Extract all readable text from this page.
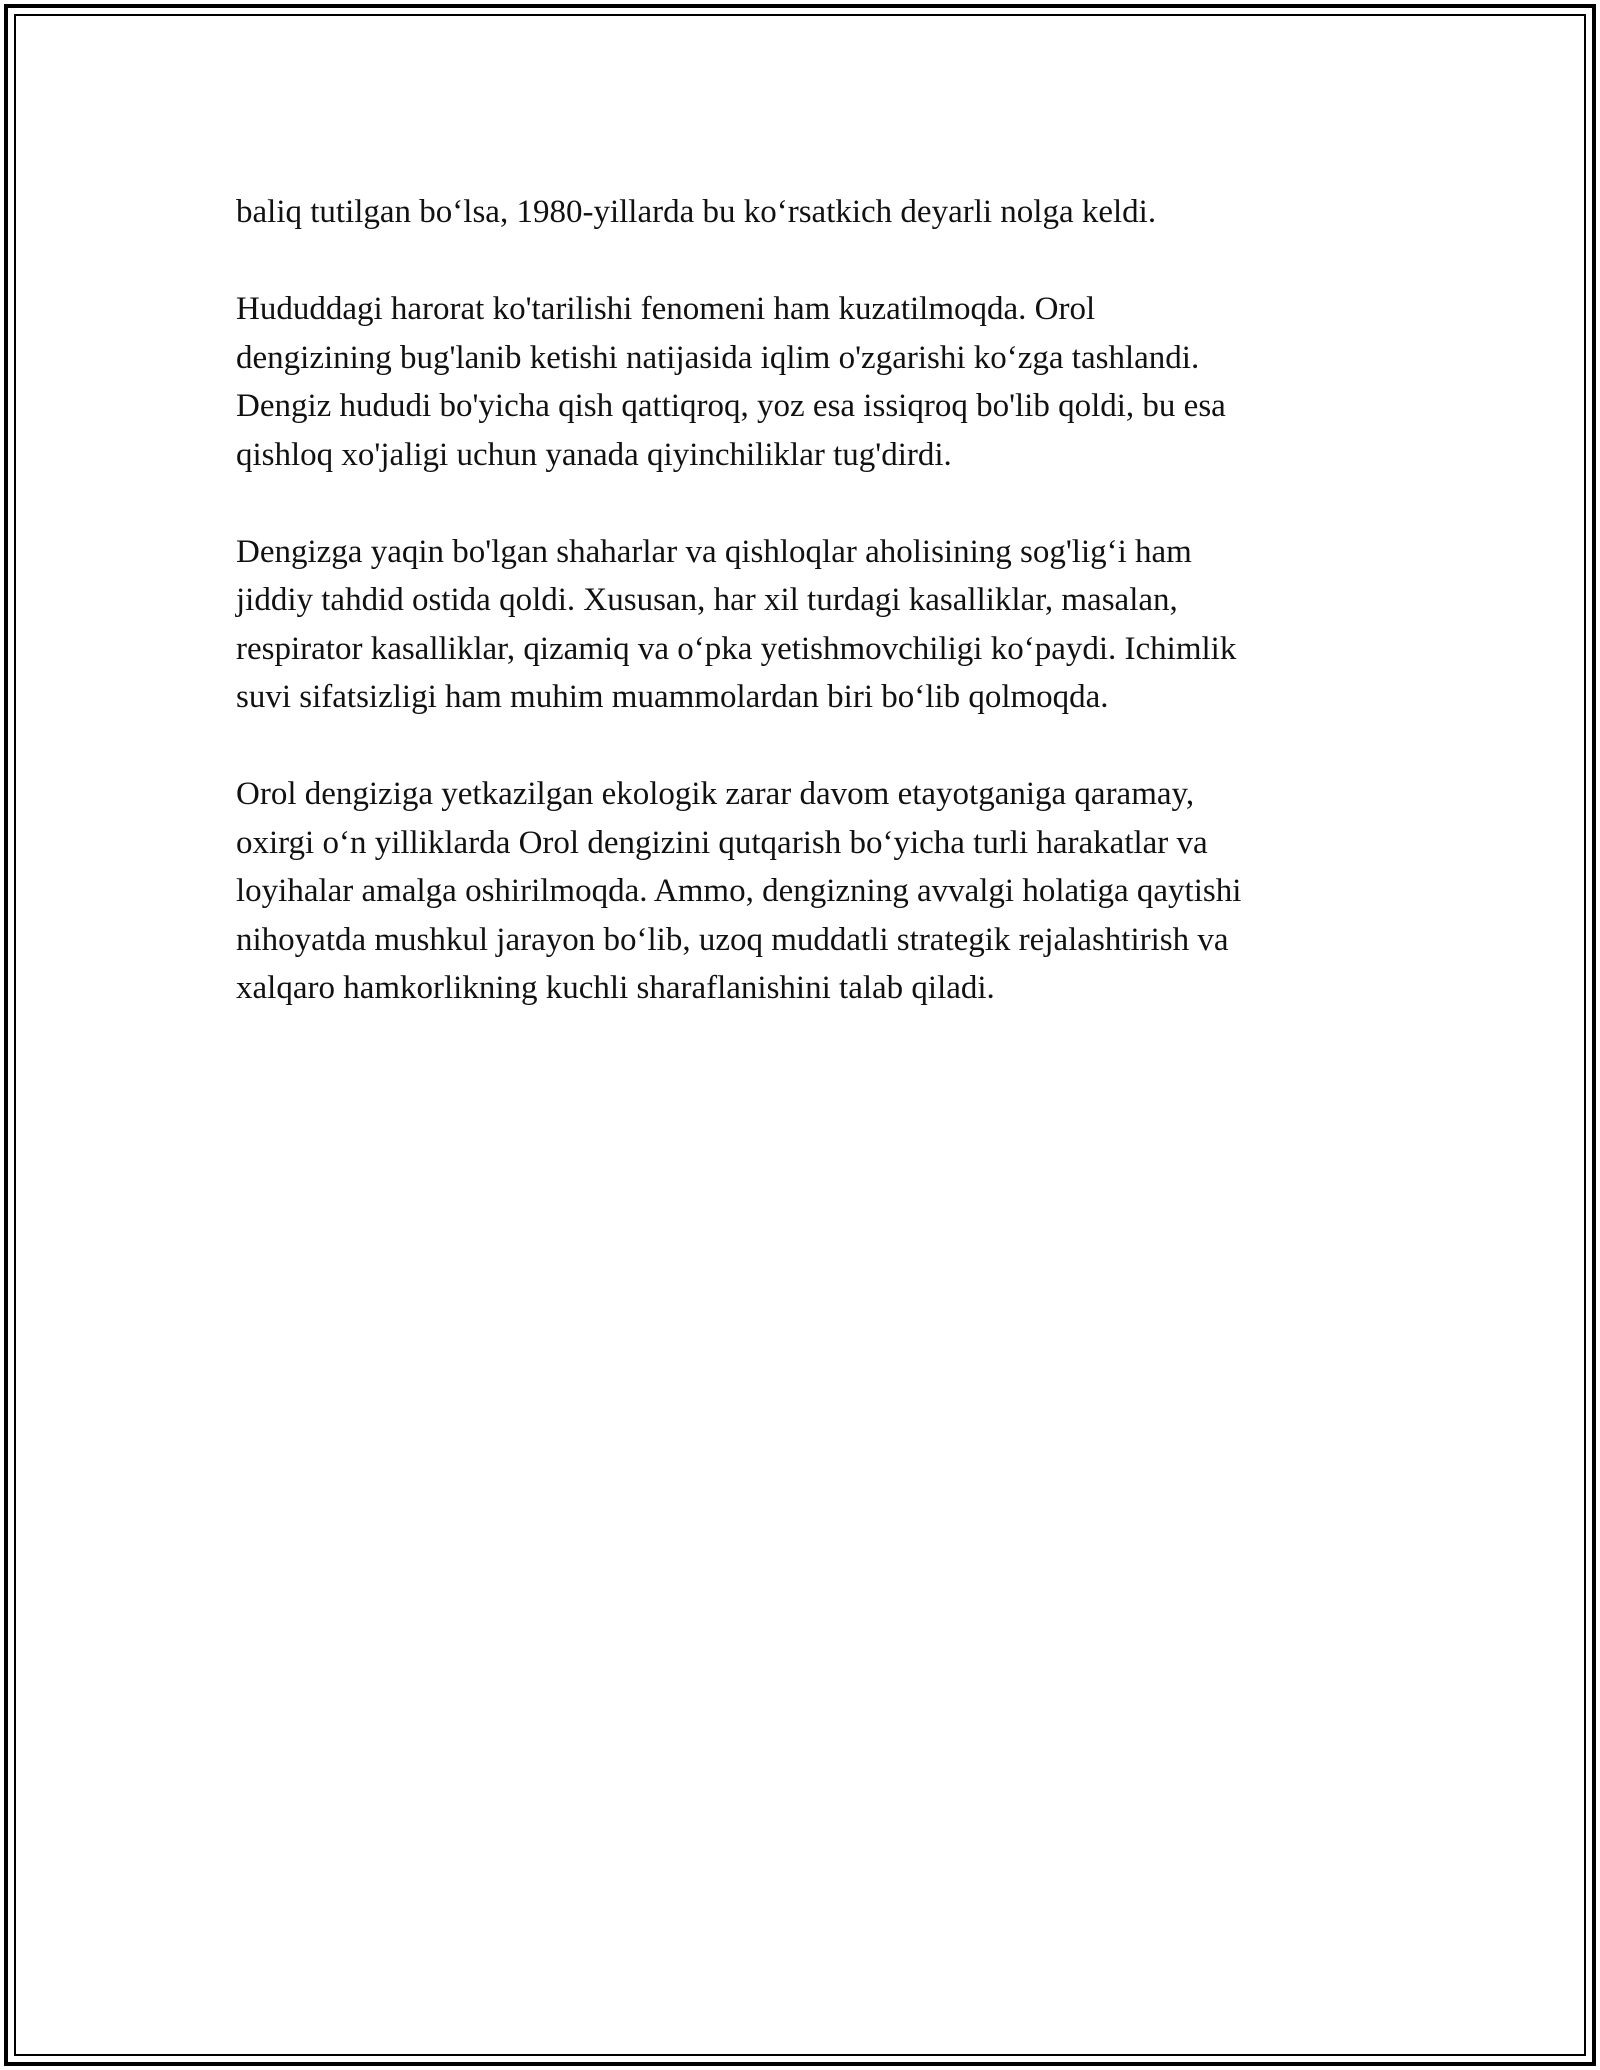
baliq tutilgan bo‘lsa, 1980-yillarda bu ko‘rsatkich deyarli nolga keldi.

Hududdagi harorat ko'tarilishi fenomeni ham kuzatilmoqda. Orol
dengizining bug'lanib ketishi natijasida iqlim o'zgarishi ko‘zga tashlandi.
Dengiz hududi bo'yicha qish qattiqroq, yoz esa issiqroq bo'lib qoldi, bu esa
qishloq xo'jaligi uchun yanada qiyinchiliklar tug'dirdi.

Dengizga yaqin bo'lgan shaharlar va qishloqlar aholisining sog'lig‘i ham
jiddiy tahdid ostida qoldi. Xususan, har xil turdagi kasalliklar, masalan,
respirator kasalliklar, qizamiq va o‘pka yetishmovchiligi ko‘paydi. Ichimlik
suvi sifatsizligi ham muhim muammolardan biri bo‘lib qolmoqda.

Orol dengiziga yetkazilgan ekologik zarar davom etayotganiga qaramay,
oxirgi o‘n yilliklarda Orol dengizini qutqarish bo‘yicha turli harakatlar va
loyihalar amalga oshirilmoqda. Ammo, dengizning avvalgi holatiga qaytishi
nihoyatda mushkul jarayon bo‘lib, uzoq muddatli strategik rejalashtirish va
xalqaro hamkorlikning kuchli sharaflanishini talab qiladi.
